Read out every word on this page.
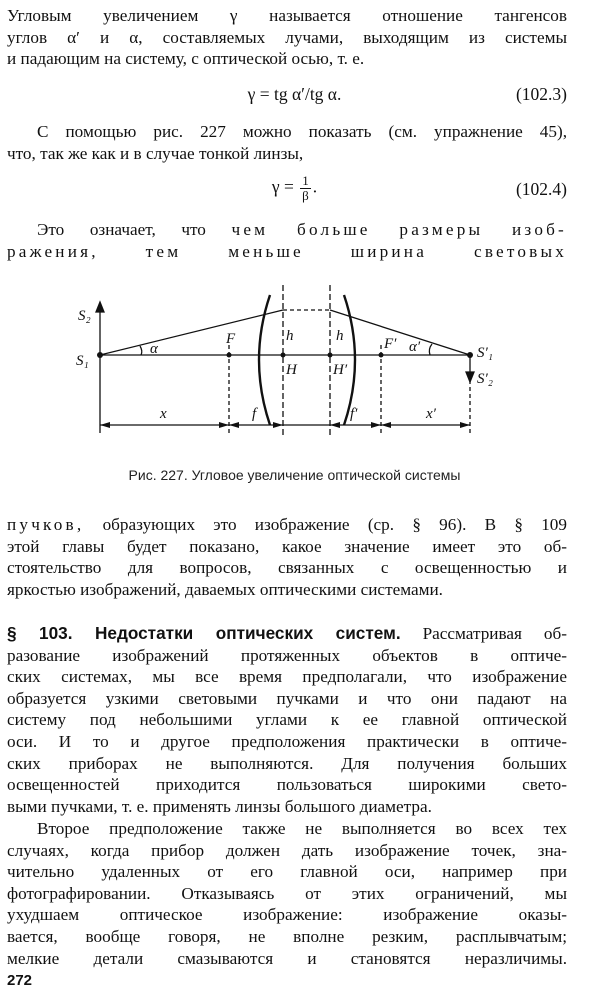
Угловым увеличением γ называется отношение тангенсов
углов α′ и α, составляемых лучами, выходящим из системы
и падающим на систему, с оптической осью, т. е.
γ = tg α′/tg α.	(102.3)
С помощью рис. 227 можно показать (см. упражнение 45),
что, так же как и в случае тонкой линзы,
$\gamma = \frac{1}{\beta}$ .	(102.4)
Это означает, что чем больше размеры изоб-
ражения, тем меньше ширина световых
S₂
S₁
α
F	h
H
h
H′
F′ α′	S′₁
S′₂
x	f	f′	x′
Рис. 227. Угловое увеличение оптической системы
пучков, образующих это изображение (ср. § 96). В § 109
этой главы будет показано, какое значение имеет это об-
стоятельство для вопросов, связанных с освещенностью и
яркостью изображений, даваемых оптическими системами.
§ 103. Недостатки оптических систем. Рассматривая об-
разование изображений протяженных объектов в оптиче-
ских системах, мы все время предполагали, что изображение
образуется узкими световыми пучками и что они падают на
систему под небольшими углами к ее главной оптической
оси. И то и другое предположения практически в оптиче-
ских приборах не выполняются. Для получения больших
освещенностей приходится пользоваться широкими свето-
выми пучками, т. е. применять линзы большого диаметра.
Второе предположение также не выполняется во всех тех
случаях, когда прибор должен дать изображение точек, зна-
чительно удаленных от его главной оси, например при
фотографировании. Отказываясь от этих ограничений, мы
ухудшаем оптическое изображение: изображение оказы-
вается, вообще говоря, не вполне резким, расплывчатым;
мелкие детали смазываются и становятся неразличимы.
272
